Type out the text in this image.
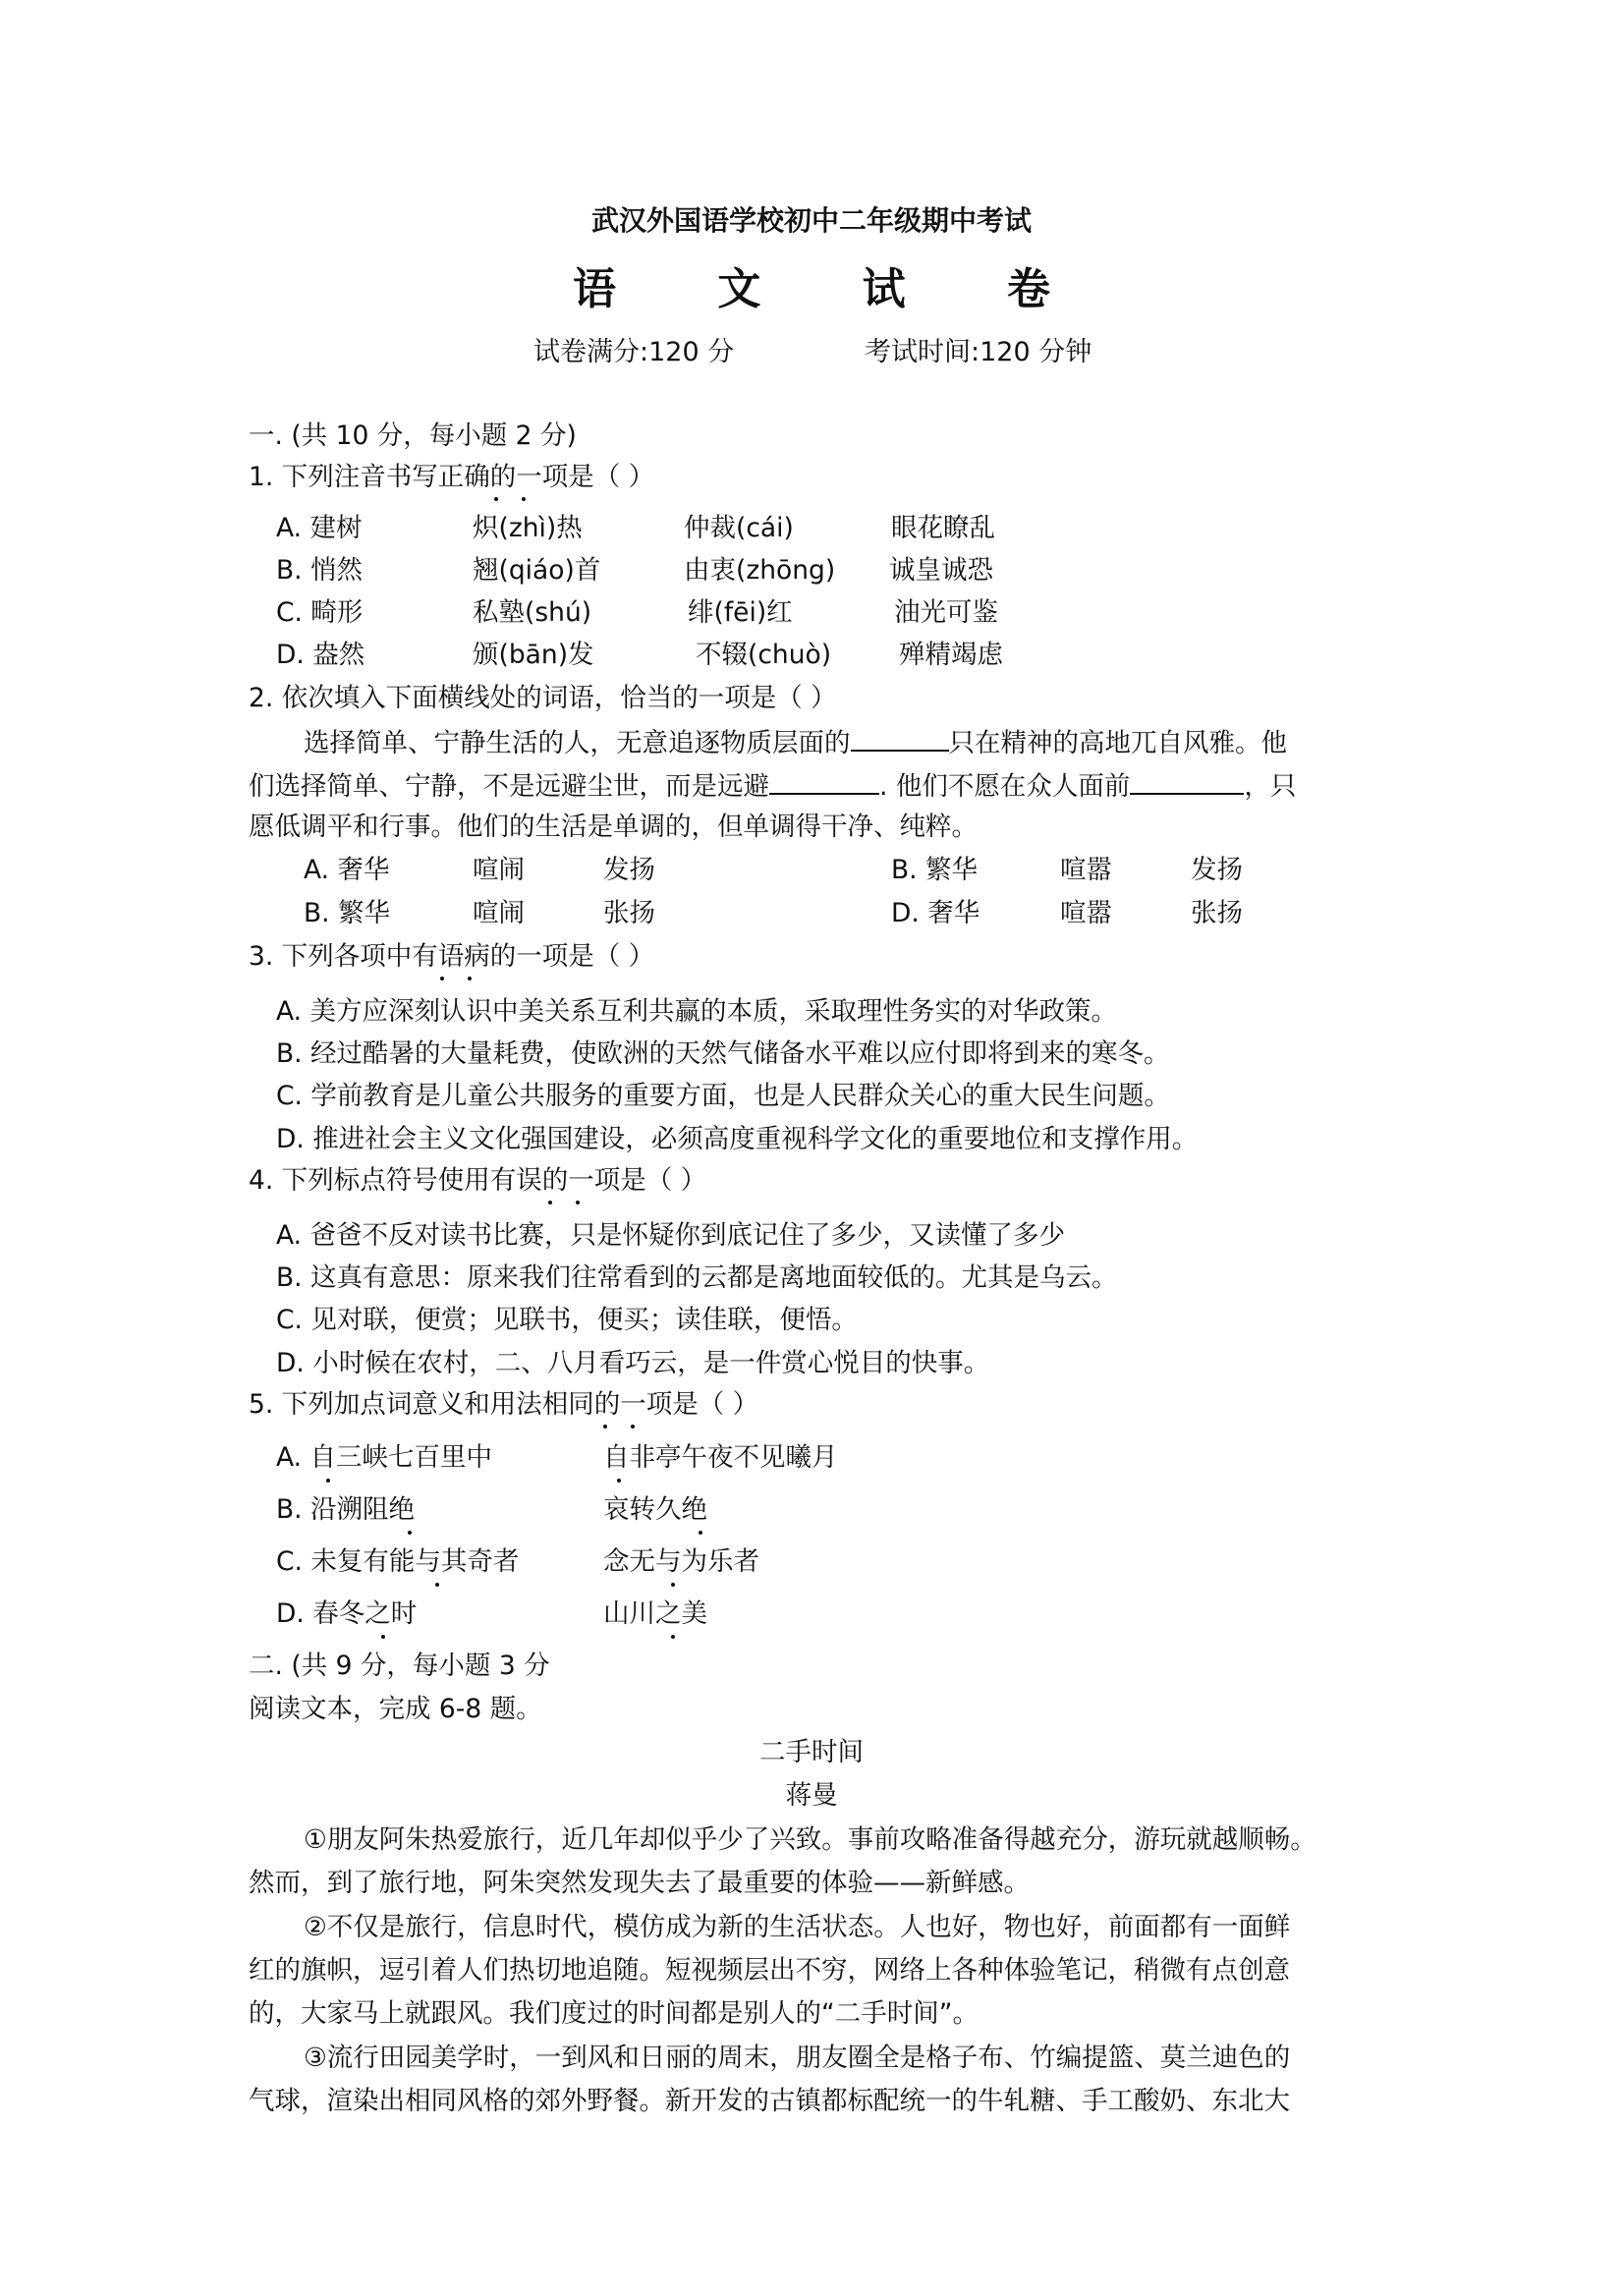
武汉外国语学校初中二年级期中考试
语 文 试 卷
试卷满分:120 分	考试时间:120 分钟
一. (共 10 分，每小题 2 分)
1. 下列注音书写正确的一项是（ ）
A. 建树	炽(zhì)热	仲裁(cái)	眼花瞭乱
B. 悄然	翘(qiáo)首	由衷(zhōng) 诚皇诚恐
C. 畸形	私塾(shú)	绯(fēi)红	油光可鉴
D. 盎然	颁(bān)发	不辍(chuò)	殚精竭虑
2. 依次填入下面横线处的词语，恰当的一项是（ ）
选择简单、宁静生活的人，无意追逐物质层面的	只在精神的高地兀自风雅。他
们选择简单、宁静，不是远避尘世，而是远避	. 他们不愿在众人面前	，只
愿低调平和行事。他们的生活是单调的，但单调得干净、纯粹。
A. 奢华	喧闹	发扬	B. 繁华	喧嚣	发扬
B. 繁华	喧闹	张扬	D. 奢华	喧嚣	张扬
3. 下列各项中有语病的一项是（ ）
A. 美方应深刻认识中美关系互利共赢的本质，采取理性务实的对华政策。
B. 经过酷暑的大量耗费，使欧洲的天然气储备水平难以应付即将到来的寒冬。
C. 学前教育是儿童公共服务的重要方面，也是人民群众关心的重大民生问题。
D. 推进社会主义文化强国建设，必须高度重视科学文化的重要地位和支撑作用。
4. 下列标点符号使用有误的一项是（ ）
A. 爸爸不反对读书比赛，只是怀疑你到底记住了多少，又读懂了多少
B. 这真有意思：原来我们往常看到的云都是离地面较低的。尤其是乌云。
C. 见对联，便赏；见联书，便买；读佳联，便悟。
D. 小时候在农村，二、八月看巧云，是一件赏心悦目的快事。
5. 下列加点词意义和用法相同的一项是（ ）
A. 自三峡七百里中	自非亭午夜不见曦月
B. 沿溯阻绝	哀转久绝
C. 未复有能与其奇者	念无与为乐者
D. 春冬之时	山川之美
二. (共 9 分，每小题 3 分
阅读文本，完成 6-8 题。
二手时间
蒋曼
①朋友阿朱热爱旅行，近几年却似乎少了兴致。事前攻略准备得越充分，游玩就越顺畅。
然而，到了旅行地，阿朱突然发现失去了最重要的体验——新鲜感。
②不仅是旅行，信息时代，模仿成为新的生活状态。人也好，物也好，前面都有一面鲜
红的旗帜，逗引着人们热切地追随。短视频层出不穷，网络上各种体验笔记，稍微有点创意
的，大家马上就跟风。我们度过的时间都是别人的“二手时间”。
③流行田园美学时，一到风和日丽的周末，朋友圈全是格子布、竹编提篮、莫兰迪色的
气球，渲染出相同风格的郊外野餐。新开发的古镇都标配统一的牛轧糖、手工酸奶、东北大
